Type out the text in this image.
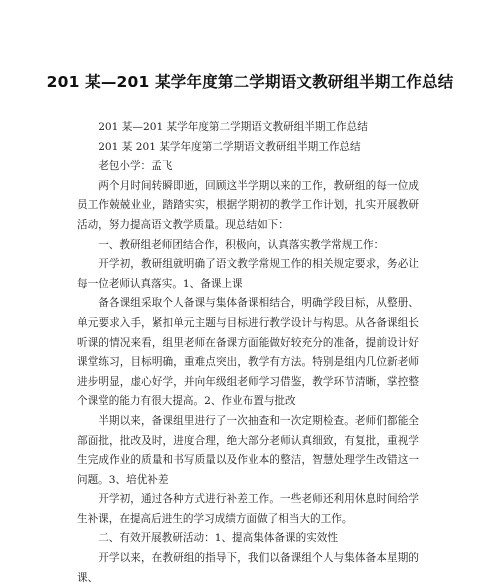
201 某—201 某学年度第二学期语文教研组半期工作总结

201 某—201 某学年度第二学期语文教研组半期工作总结

201 某 201 某学年度第二学期语文教研组半期工作总结

老包小学：孟飞

两个月时间转瞬即逝，回顾这半学期以来的工作，教研组的每一位成员工作兢兢业业，踏踏实实，根据学期初的教学工作计划，扎实开展教研活动，努力提高语文教学质量。现总结如下：

一、教研组老师团结合作，积极向，认真落实教学常规工作：

开学初，教研组就明确了语文教学常规工作的相关规定要求，务必让每一位老师认真落实。1、备课上课

备各课组采取个人备课与集体备课相结合，明确学段目标，从整册、单元要求入手，紧扣单元主题与目标进行教学设计与构思。从各备课组长听课的情况来看，组里老师在备课方面能做好较充分的准备，提前设计好课堂练习，目标明确，重难点突出，教学有方法。特别是组内几位新老师进步明显，虚心好学，并向年级组老师学习借鉴，教学环节清晰，掌控整个课堂的能力有很大提高。2、作业布置与批改

半期以来，备课组里进行了一次抽查和一次定期检查。老师们都能全部面批，批改及时，进度合理，绝大部分老师认真细致，有复批，重视学生完成作业的质量和书写质量以及作业本的整洁，智慧处理学生改错这一问题。3、培优补差

开学初，通过各种方式进行补差工作。一些老师还利用休息时间给学生补课，在提高后进生的学习成绩方面做了相当大的工作。

二、有效开展教研活动：1、提高集体备课的实效性

开学以来，在教研组的指导下，我们以备课组个人与集体备本星期的课、
